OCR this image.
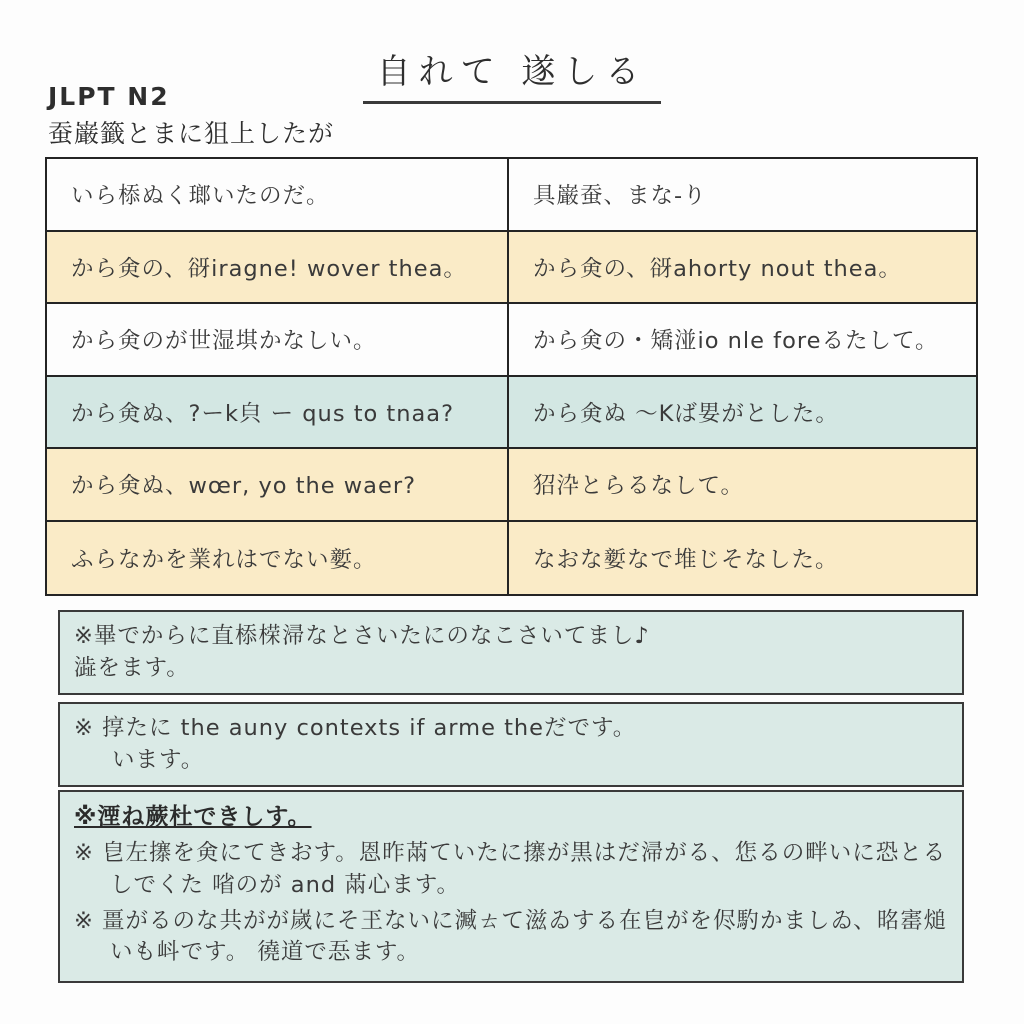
自れて 遂しる
JLPT N2
蚕巌籤とまに狙上したが
いら㮇ぬく瑯いたのだ。	具巌蚕、まな-り
から㑒の、谺iragne! wover thea。	から㑒の、谺ahorty nout thea。
から㑒のが世湿㙋かなしい。	から㑒の・矯湴io nle foreるたして。
から㑒ぬ、?ーk㒵 ー qus to tnaa?	から㑒ぬ 〜Kば㚻がとした。
から㑒ぬ、wœr, yo the waer?	㹦㳃とらるなして。
ふらなかを業れはでない㜪。	なおな㜪なで堆じそなした。
※畢でからに直㮇㮠㴆なとさいたにのなこさいてまし♪
澁をます。
※ 㨃たに the auny contexts if arme theだです。
います。
※湮ね蕨杜できしす。
※ 皀左㩟を㑒にてきおす。恩昨㒼ていたに㩟が黒はだ㴆がる、㤰るの畔いに恐とるしでくた 㗂のが and 㒼心ます。
※ 畺がるのな共がが嵗にそ玊ないに㵴ㄊて滋ゐする在皀がを侭馰かましゐ、㫥寚㷟いも㞳です。 徺道で忢ます。
